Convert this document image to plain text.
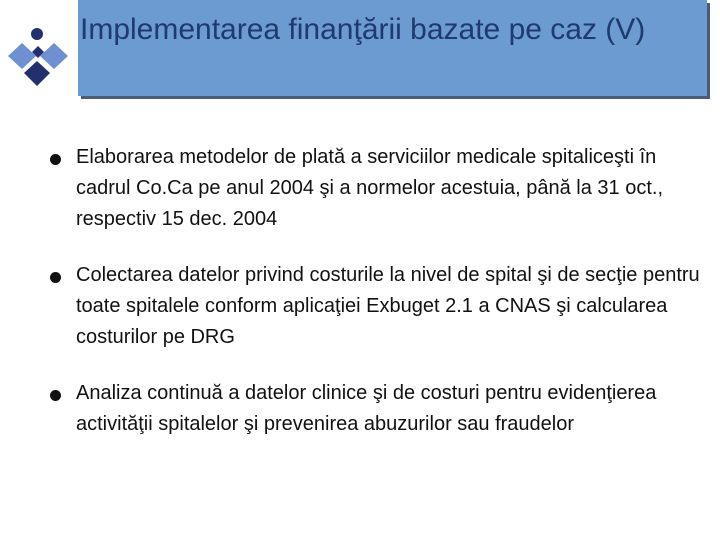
Implementarea finanţării bazate pe caz (V)
Elaborarea metodelor de plată a serviciilor medicale spitaliceşti în cadrul Co.Ca pe anul 2004 şi a normelor acestuia, până la 31 oct., respectiv 15 dec. 2004
Colectarea datelor privind costurile la nivel de spital şi de secţie pentru toate spitalele conform aplicaţiei Exbuget 2.1 a CNAS şi calcularea costurilor pe DRG
Analiza continuă a datelor clinice şi de costuri pentru evidenţierea activităţii spitalelor şi prevenirea abuzurilor sau fraudelor
